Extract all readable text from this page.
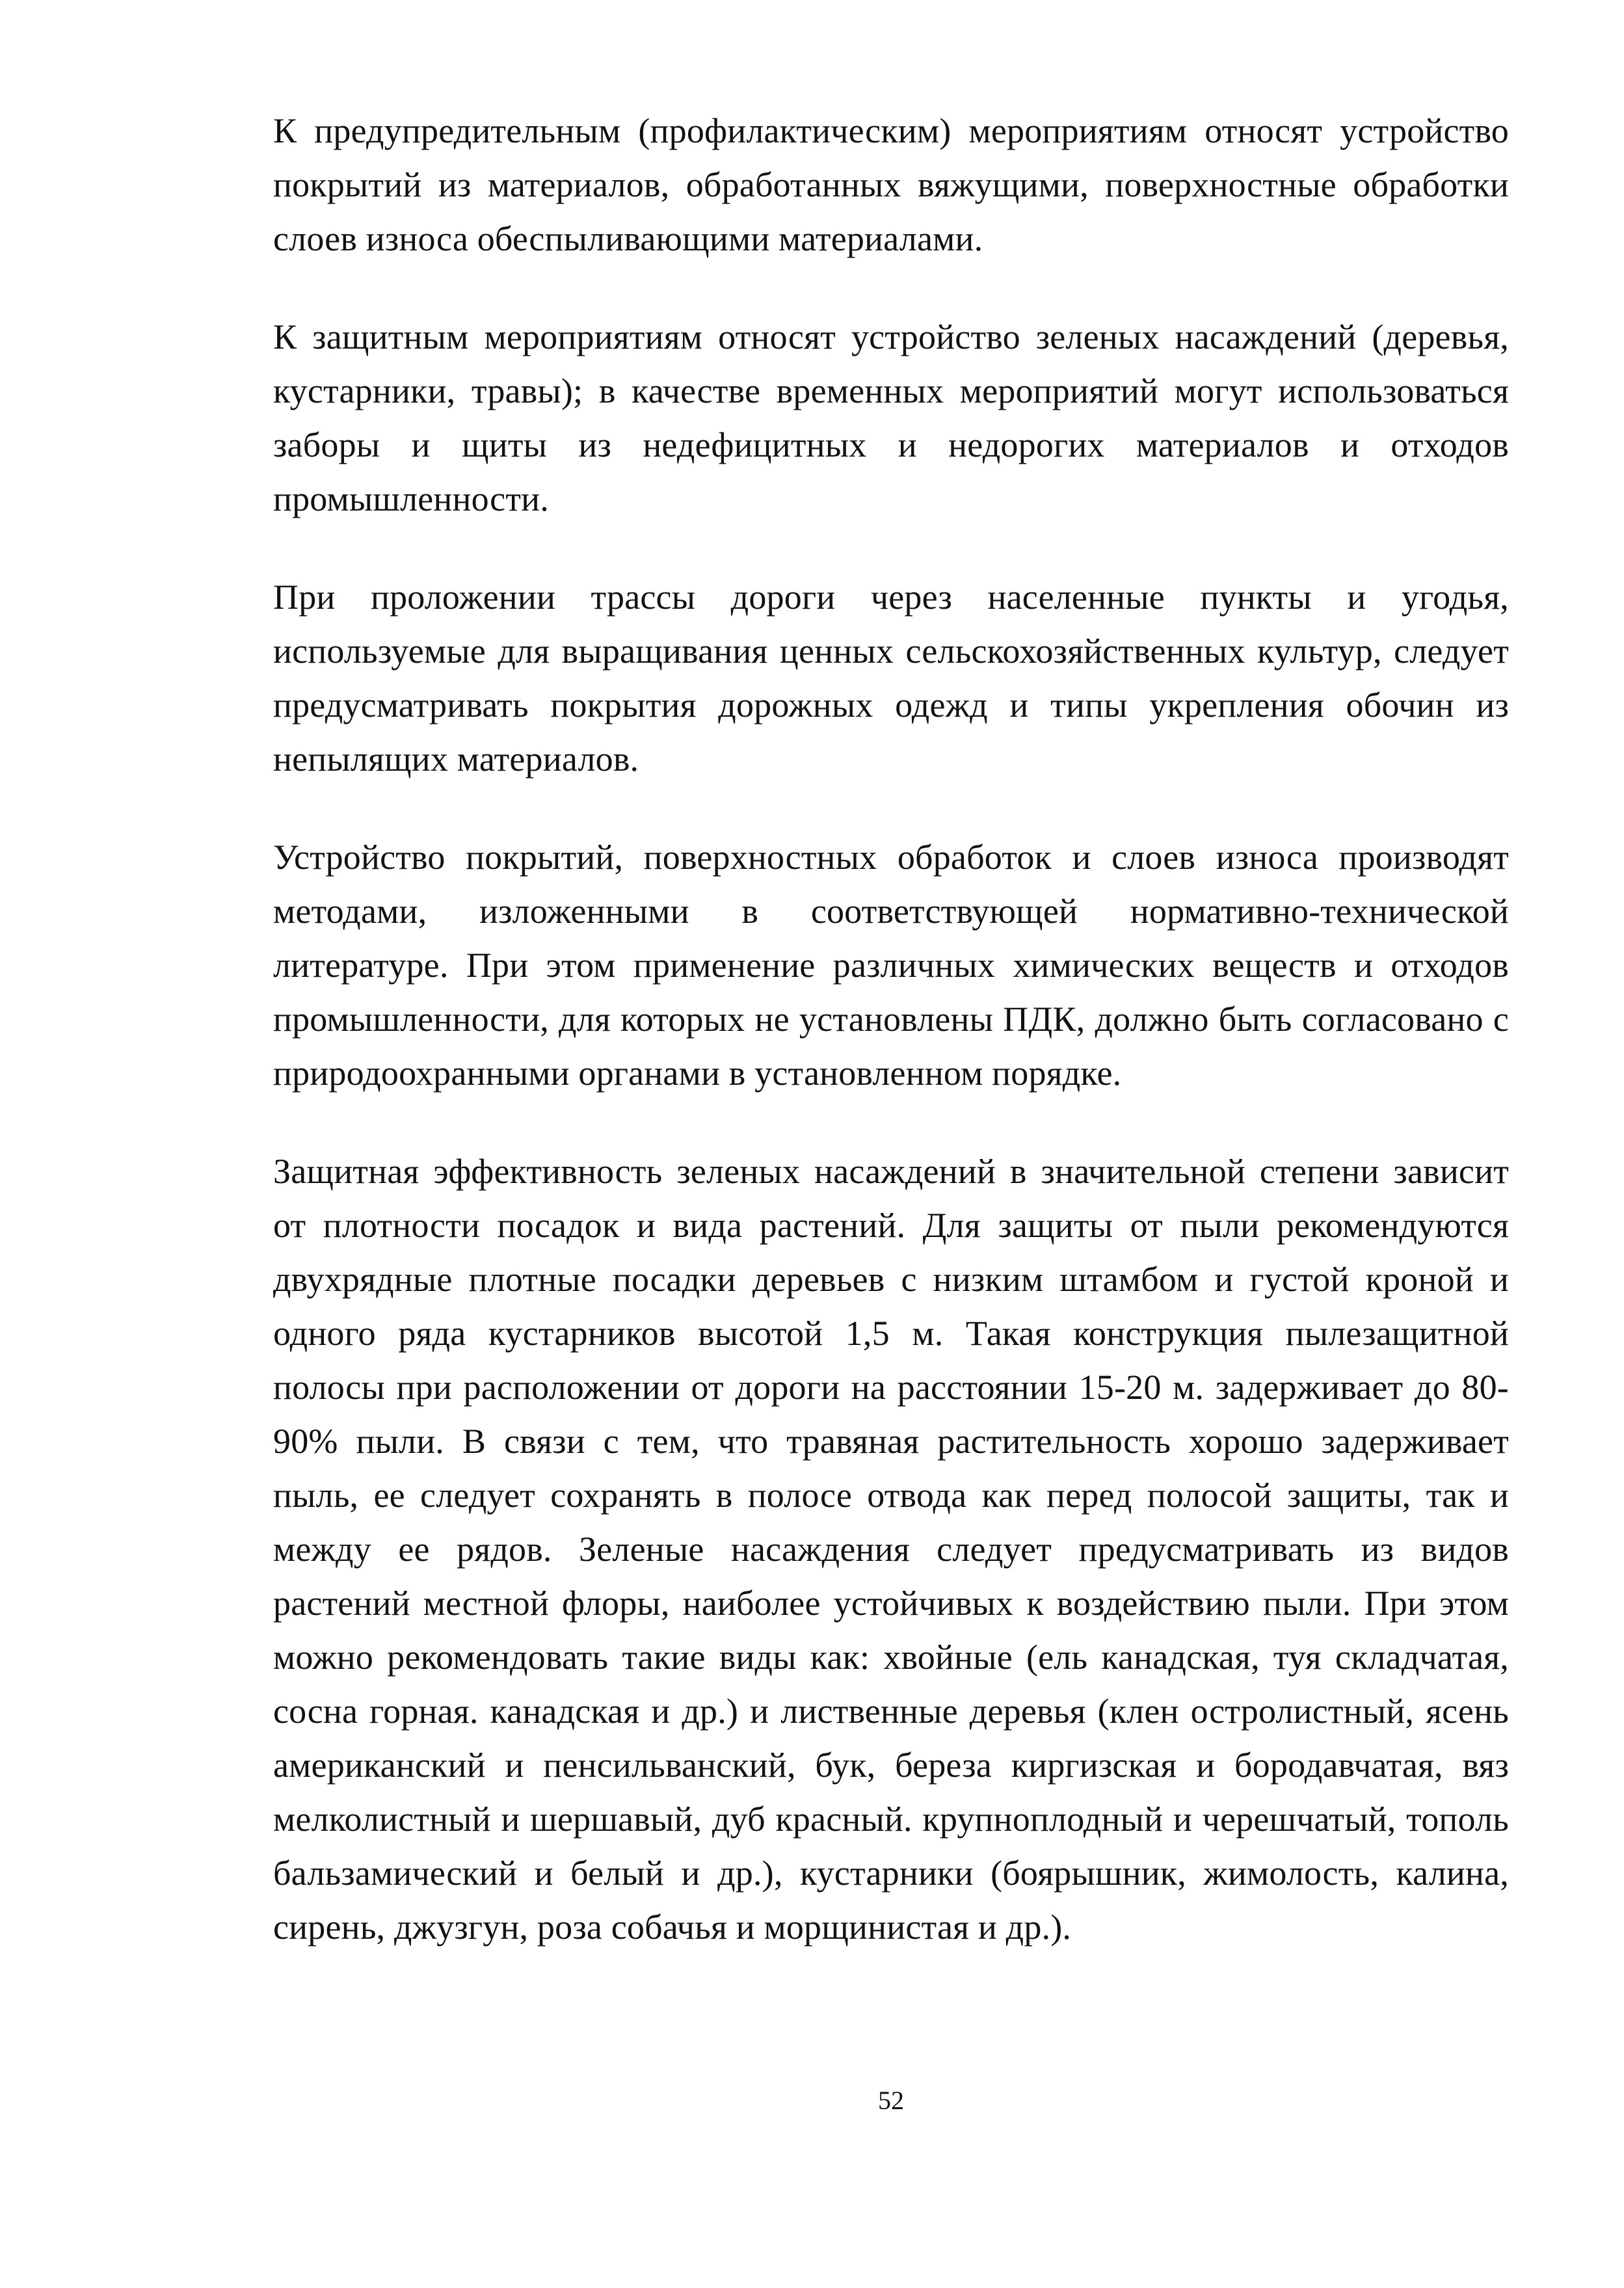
К предупредительным (профилактическим) мероприятиям относят устройство покрытий из материалов, обработанных вяжущими, поверхностные обработки слоев износа обеспыливающими материалами.

К защитным мероприятиям относят устройство зеленых насаждений (деревья, кустарники, травы); в качестве временных мероприятий могут использоваться заборы и щиты из недефицитных и недорогих материалов и отходов промышленности.

При проложении трассы дороги через населенные пункты и угодья, используемые для выращивания ценных сельскохозяйственных культур, следует предусматривать покрытия дорожных одежд и типы укрепления обочин из непылящих материалов.

Устройство покрытий, поверхностных обработок и слоев износа производят методами, изложенными в соответствующей нормативно-технической литературе. При этом применение различных химических веществ и отходов промышленности, для которых не установлены ПДК, должно быть согласовано с природоохранными органами в установленном порядке.

Защитная эффективность зеленых насаждений в значительной степени зависит от плотности посадок и вида растений. Для защиты от пыли рекомендуются двухрядные плотные посадки деревьев с низким штамбом и густой кроной и одного ряда кустарников высотой 1,5 м. Такая конструкция пылезащитной полосы при расположении от дороги на расстоянии 15-20 м. задерживает до 80-90% пыли. В связи с тем, что травяная растительность хорошо задерживает пыль, ее следует сохранять в полосе отвода как перед полосой защиты, так и между ее рядов. Зеленые насаждения следует предусматривать из видов растений местной флоры, наиболее устойчивых к воздействию пыли. При этом можно рекомендовать такие виды как: хвойные (ель канадская, туя складчатая, сосна горная. канадская и др.) и лиственные деревья (клен остролистный, ясень американский и пенсильванский, бук, береза киргизская и бородавчатая, вяз мелколистный и шершавый, дуб красный. крупноплодный и черешчатый, тополь бальзамический и белый и др.), кустарники (боярышник, жимолость, калина, сирень, джузгун, роза собачья и морщинистая и др.).

52
